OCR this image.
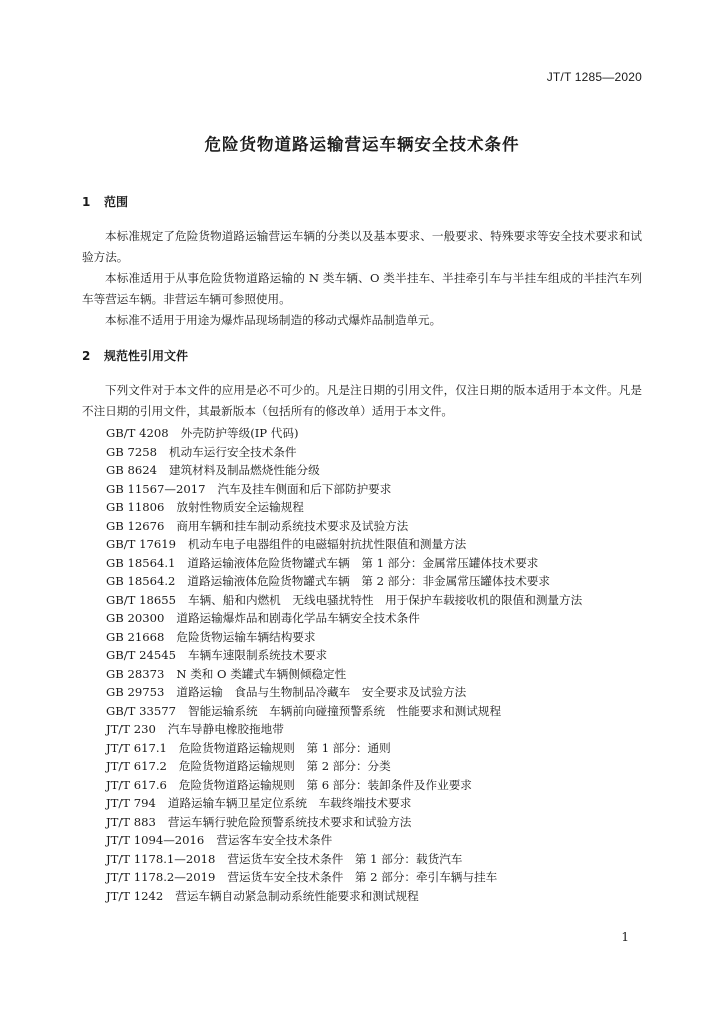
JT/T 1285—2020
危险货物道路运输营运车辆安全技术条件
1 范围

本标准规定了危险货物道路运输营运车辆的分类以及基本要求、一般要求、特殊要求等安全技术要求和试验方法。

本标准适用于从事危险货物道路运输的 N 类车辆、O 类半挂车、半挂牵引车与半挂车组成的半挂汽车列车等营运车辆。非营运车辆可参照使用。

本标准不适用于用途为爆炸品现场制造的移动式爆炸品制造单元。

2 规范性引用文件

下列文件对于本文件的应用是必不可少的。凡是注日期的引用文件，仅注日期的版本适用于本文件。凡是不注日期的引用文件，其最新版本（包括所有的修改单）适用于本文件。

GB/T 4208 外壳防护等级(IP 代码)
GB 7258 机动车运行安全技术条件
GB 8624 建筑材料及制品燃烧性能分级
GB 11567—2017 汽车及挂车侧面和后下部防护要求
GB 11806 放射性物质安全运输规程
GB 12676 商用车辆和挂车制动系统技术要求及试验方法
GB/T 17619 机动车电子电器组件的电磁辐射抗扰性限值和测量方法
GB 18564.1 道路运输液体危险货物罐式车辆　第 1 部分：金属常压罐体技术要求
GB 18564.2 道路运输液体危险货物罐式车辆　第 2 部分：非金属常压罐体技术要求
GB/T 18655 车辆、船和内燃机　无线电骚扰特性　用于保护车载接收机的限值和测量方法
GB 20300 道路运输爆炸品和剧毒化学品车辆安全技术条件
GB 21668 危险货物运输车辆结构要求
GB/T 24545 车辆车速限制系统技术要求
GB 28373 N 类和 O 类罐式车辆侧倾稳定性
GB 29753 道路运输　食品与生物制品冷藏车　安全要求及试验方法
GB/T 33577 智能运输系统　车辆前向碰撞预警系统　性能要求和测试规程
JT/T 230 汽车导静电橡胶拖地带
JT/T 617.1 危险货物道路运输规则　第 1 部分：通则
JT/T 617.2 危险货物道路运输规则　第 2 部分：分类
JT/T 617.6 危险货物道路运输规则　第 6 部分：装卸条件及作业要求
JT/T 794 道路运输车辆卫星定位系统　车载终端技术要求
JT/T 883 营运车辆行驶危险预警系统技术要求和试验方法
JT/T 1094—2016 营运客车安全技术条件
JT/T 1178.1—2018 营运货车安全技术条件　第 1 部分：载货汽车
JT/T 1178.2—2019 营运货车安全技术条件　第 2 部分：牵引车辆与挂车
JT/T 1242 营运车辆自动紧急制动系统性能要求和测试规程
1
